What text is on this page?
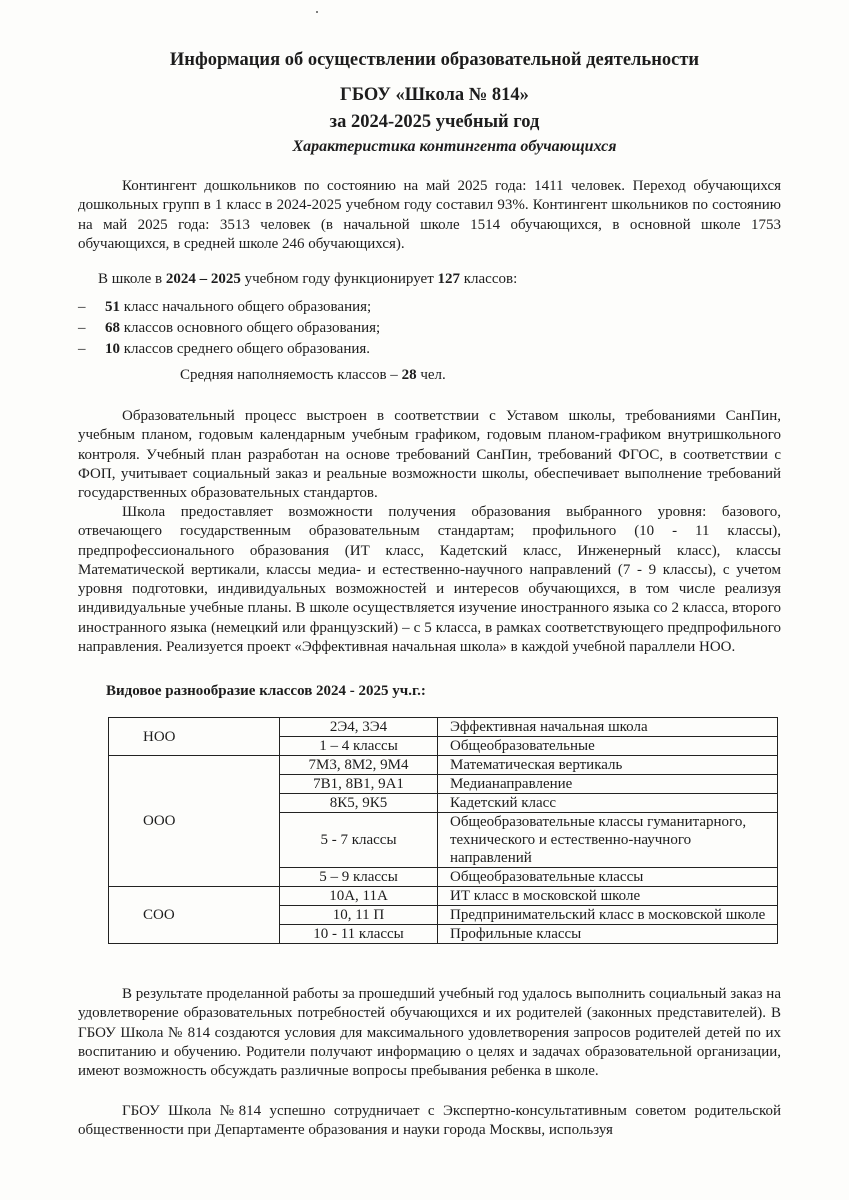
Информация об осуществлении образовательной деятельности
ГБОУ «Школа № 814»
за 2024-2025 учебный год
Характеристика контингента обучающихся
Контингент дошкольников по состоянию на май 2025 года: 1411 человек. Переход обучающихся дошкольных групп в 1 класс в 2024-2025 учебном году составил 93%. Контингент школьников по состоянию на май 2025 года: 3513 человек (в начальной школе 1514 обучающихся, в основной школе 1753 обучающихся, в средней школе 246 обучающихся).
В школе в 2024 – 2025 учебном году функционирует 127 классов:
–	51 класс начального общего образования;
–	68 классов основного общего образования;
–	10 классов среднего общего образования.
Средняя наполняемость классов – 28 чел.
Образовательный процесс выстроен в соответствии с Уставом школы, требованиями СанПин, учебным планом, годовым календарным учебным графиком, годовым планом-графиком внутришкольного контроля. Учебный план разработан на основе требований СанПин, требований ФГОС, в соответствии с ФОП, учитывает социальный заказ и реальные возможности школы, обеспечивает выполнение требований государственных образовательных стандартов.
Школа предоставляет возможности получения образования выбранного уровня: базового, отвечающего государственным образовательным стандартам; профильного (10 - 11 классы), предпрофессионального образования (ИТ класс, Кадетский класс, Инженерный класс), классы Математической вертикали, классы медиа- и естественно-научного направлений (7 - 9 классы), с учетом уровня подготовки, индивидуальных возможностей и интересов обучающихся, в том числе реализуя индивидуальные учебные планы. В школе осуществляется изучение иностранного языка со 2 класса, второго иностранного языка (немецкий или французский) – с 5 класса, в рамках соответствующего предпрофильного направления. Реализуется проект «Эффективная начальная школа» в каждой учебной параллели НОО.
Видовое разнообразие классов 2024 - 2025 уч.г.:
НОО	2Э4, 3Э4	Эффективная начальная школа
	1 – 4 классы	Общеобразовательные
ООО	7М3, 8М2, 9М4	Математическая вертикаль
	7В1, 8В1, 9А1	Медианаправление
	8К5, 9К5	Кадетский класс
	5 - 7 классы	Общеобразовательные классы гуманитарного, технического и естественно-научного направлений
	5 – 9 классы	Общеобразовательные классы
СОО	10А, 11А	ИТ класс в московской школе
	10, 11 П	Предпринимательский класс в московской школе
	10 - 11 классы	Профильные классы
В результате проделанной работы за прошедший учебный год удалось выполнить социальный заказ на удовлетворение образовательных потребностей обучающихся и их родителей (законных представителей). В ГБОУ Школа № 814 создаются условия для максимального удовлетворения запросов родителей детей по их воспитанию и обучению. Родители получают информацию о целях и задачах образовательной организации, имеют возможность обсуждать различные вопросы пребывания ребенка в школе.
ГБОУ Школа №814 успешно сотрудничает с Экспертно-консультативным советом родительской общественности при Департаменте образования и науки города Москвы, используя
